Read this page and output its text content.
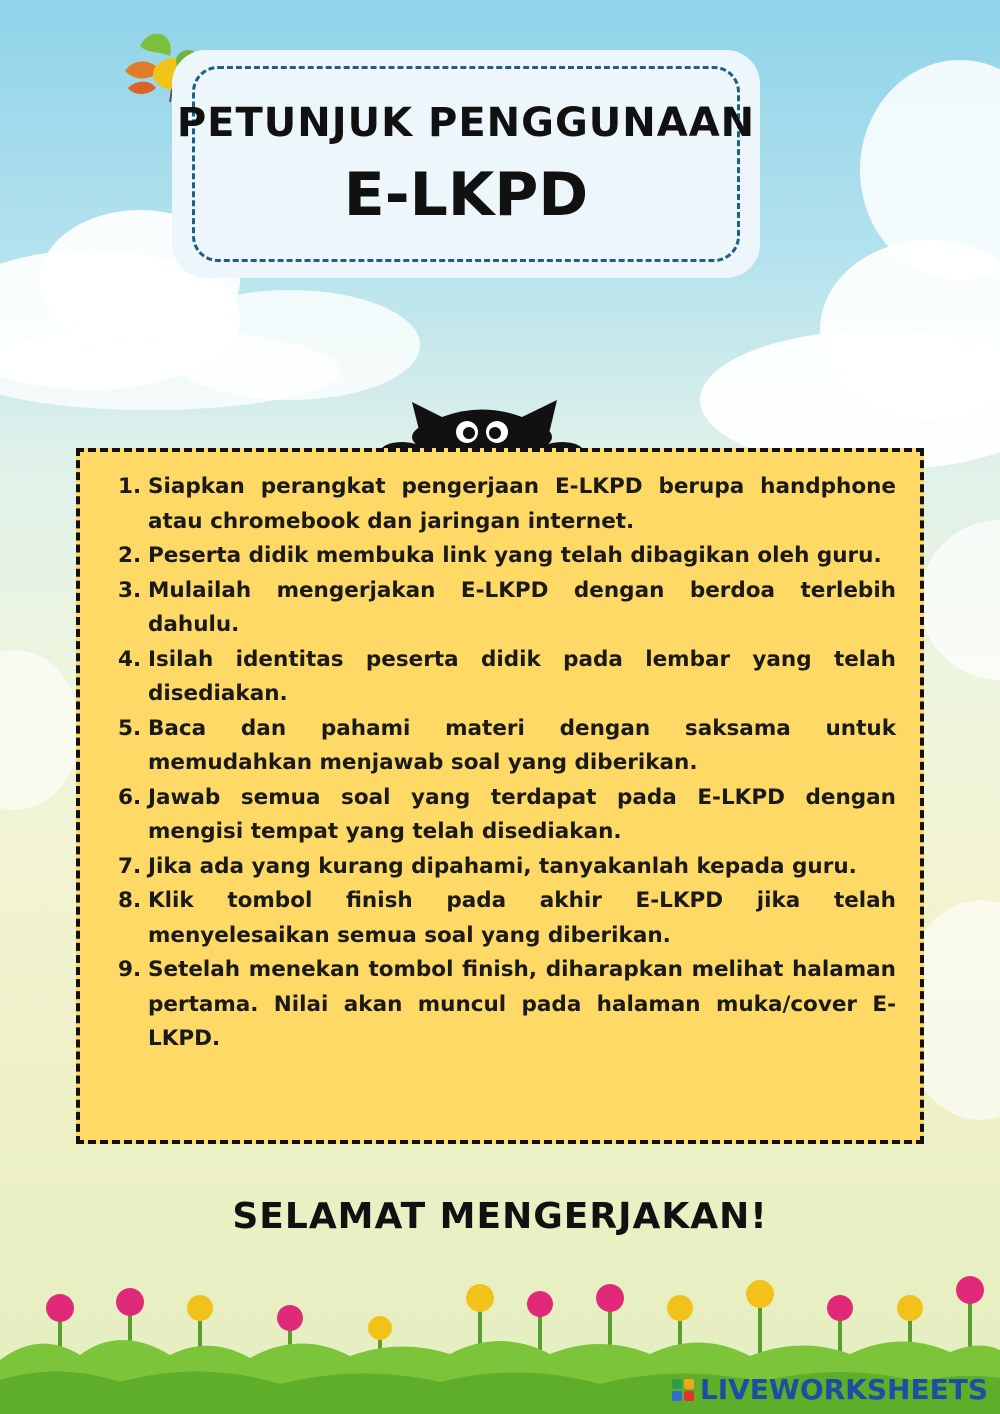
PETUNJUK PENGGUNAAN
E-LKPD
1. Siapkan perangkat pengerjaan E-LKPD berupa handphone atau chromebook dan jaringan internet.
2. Peserta didik membuka link yang telah dibagikan oleh guru.
3. Mulailah mengerjakan E-LKPD dengan berdoa terlebih dahulu.
4. Isilah identitas peserta didik pada lembar yang telah disediakan.
5. Baca dan pahami materi dengan saksama untuk memudahkan menjawab soal yang diberikan.
6. Jawab semua soal yang terdapat pada E-LKPD dengan mengisi tempat yang telah disediakan.
7. Jika ada yang kurang dipahami, tanyakanlah kepada guru.
8. Klik tombol finish pada akhir E-LKPD jika telah menyelesaikan semua soal yang diberikan.
9. Setelah menekan tombol finish, diharapkan melihat halaman pertama. Nilai akan muncul pada halaman muka/cover E-LKPD.
SELAMAT MENGERJAKAN!
LIVEWORKSHEETS
